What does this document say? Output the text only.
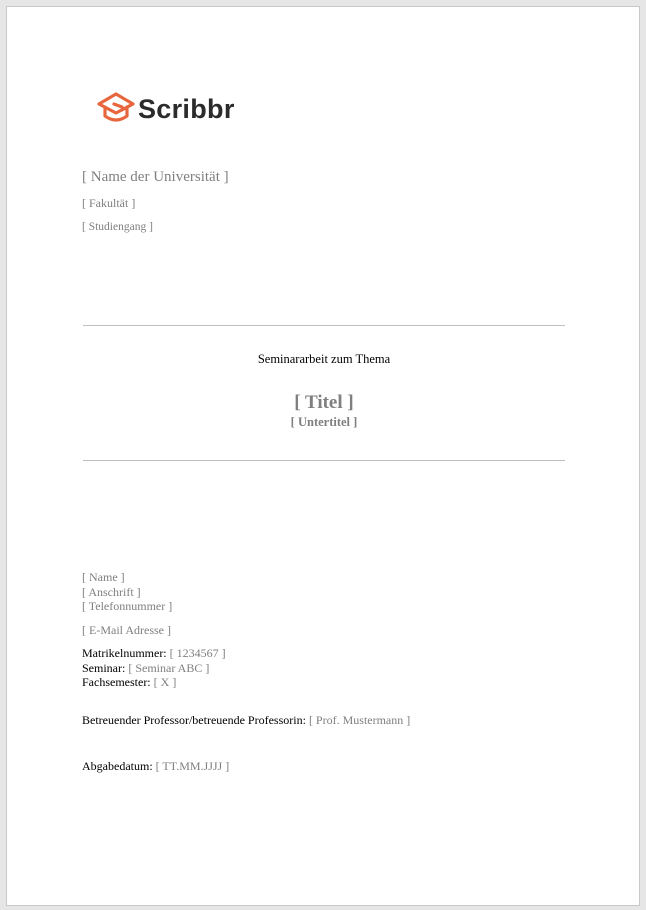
Scribbr
[ Name der Universität ]
[ Fakultät ]
[ Studiengang ]
Seminararbeit zum Thema
[ Titel ]
[ Untertitel ]
[ Name ]
[ Anschrift ]
[ Telefonnummer ]
[ E-Mail Adresse ]
Matrikelnummer: [ 1234567 ]
Seminar: [ Seminar ABC ]
Fachsemester: [ X ]
Betreuender Professor/betreuende Professorin: [ Prof. Mustermann ]
Abgabedatum: [ TT.MM.JJJJ ]
